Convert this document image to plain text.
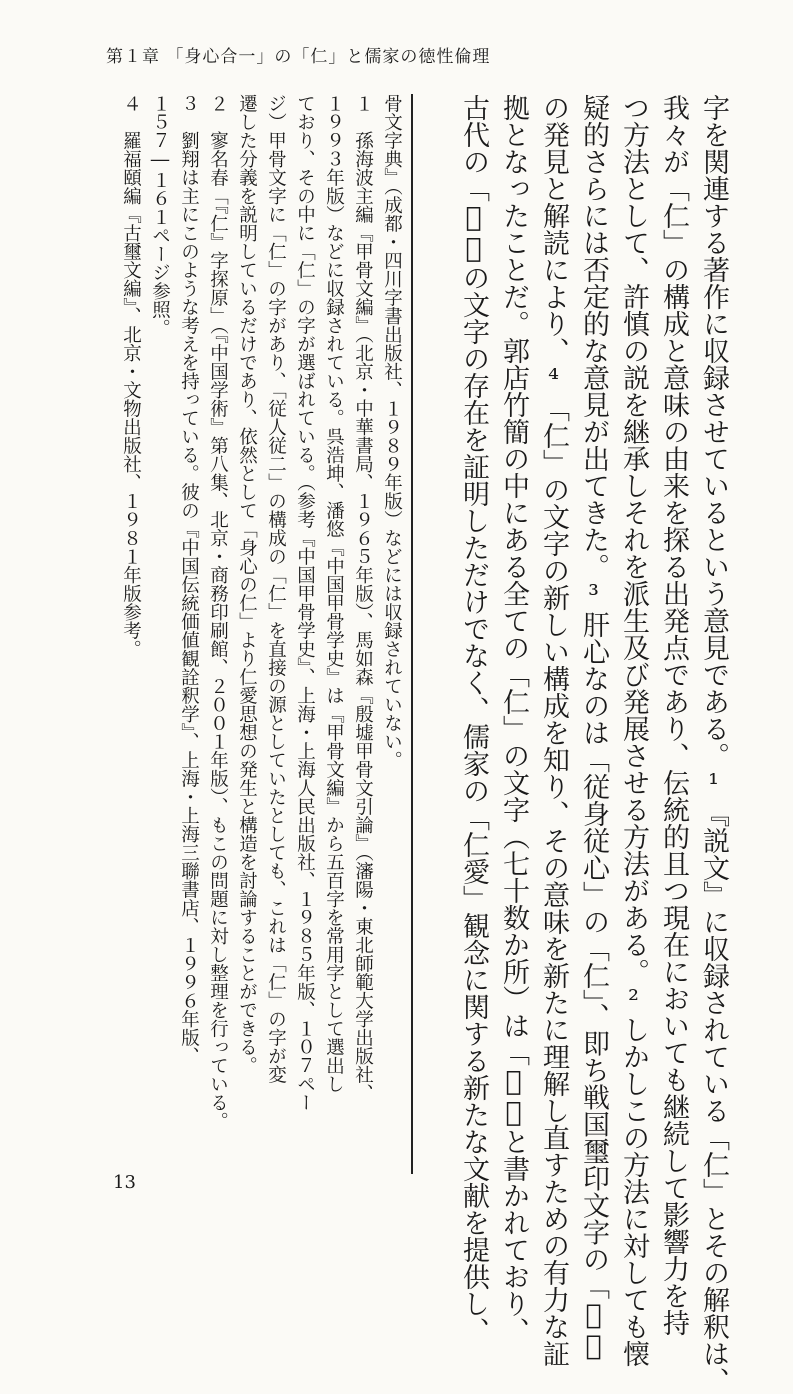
第１章 「身心合一」の「仁」と儒家の徳性倫理
字を関連する著作に収録させているという意見である。¹『説文』に収録されている「仁」とその解釈は、
我々が「仁」の構成と意味の由来を探る出発点であり、伝統的且つ現在においても継続して影響力を持
つ方法として、許慎の説を継承しそれを派生及び発展させる方法がある。²しかしこの方法に対しても懐
疑的さらには否定的な意見が出てきた。³肝心なのは「従身従心」の「仁」、即ち戦国璽印文字の「𢙛」
の発見と解読により、⁴「仁」の文字の新しい構成を知り、その意味を新たに理解し直すための有力な証
拠となったことだ。郭店竹簡の中にある全ての「仁」の文字（七十数か所）は「𢙛」と書かれており、
古代の「𢙛」の文字の存在を証明しただけでなく、儒家の「仁愛」観念に関する新たな文献を提供し、
骨文字典』（成都・四川字書出版社、１９８９年版）などには収録されていない。
１　孫海波主編『甲骨文編』（北京・中華書局、１９６５年版）、馬如森『殷墟甲骨文引論』（瀋陽・東北師範大学出版社、
１９９３年版）などに収録されている。呉浩坤、潘悠『中国甲骨学史』は『甲骨文編』から五百字を常用字として選出し
ており、その中に「仁」の字が選ばれている。（参考『中国甲骨学史』、上海・上海人民出版社、１９８５年版、１０７ペー
ジ）甲骨文字に「仁」の字があり、「従人従二」の構成の「仁」を直接の源としていたとしても、これは「仁」の字が変
遷した分義を説明しているだけであり、依然として「身心の仁」より仁愛思想の発生と構造を討論することができる。
２　寥名春「『仁』字探原」（『中国学術』第八集、北京・商務印刷館、２００１年版）、もこの問題に対し整理を行っている。
３　劉翔は主にこのような考えを持っている。彼の『中国伝統価値観詮釈学』、上海・上海三聯書店、１９９６年版、
１５７―１６１ページ参照。
４　羅福頤編『古璽文編』、北京・文物出版社、１９８１年版参考。
13
